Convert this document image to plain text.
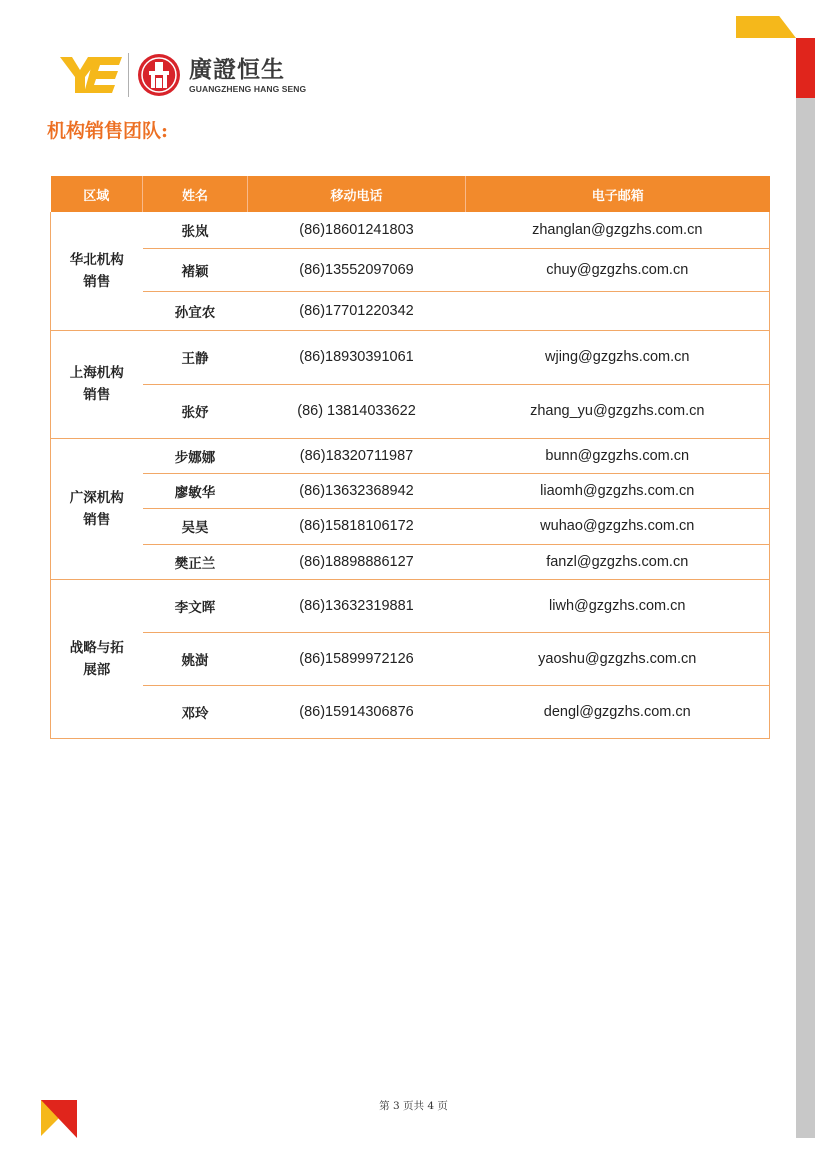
廣證恒生
GUANGZHENG HANG SENG
机构销售团队:
区域	姓名	移动电话	电子邮箱

华北机构销售	张岚	(86)18601241803	zhanglan@gzgzhs.com.cn
	褚颖	(86)13552097069	chuy@gzgzhs.com.cn
	孙宜农	(86)17701220342	

上海机构销售	王静	(86)18930391061	wjing@gzgzhs.com.cn
	张妤	(86) 13814033622	zhang_yu@gzgzhs.com.cn

广深机构销售	步娜娜	(86)18320711987	bunn@gzgzhs.com.cn
	廖敏华	(86)13632368942	liaomh@gzgzhs.com.cn
	吴昊	(86)15818106172	wuhao@gzgzhs.com.cn
	樊正兰	(86)18898886127	fanzl@gzgzhs.com.cn

战略与拓展部	李文晖	(86)13632319881	liwh@gzgzhs.com.cn
	姚澍	(86)15899972126	yaoshu@gzgzhs.com.cn
	邓玲	(86)15914306876	dengl@gzgzhs.com.cn
第 3 页共 4 页
